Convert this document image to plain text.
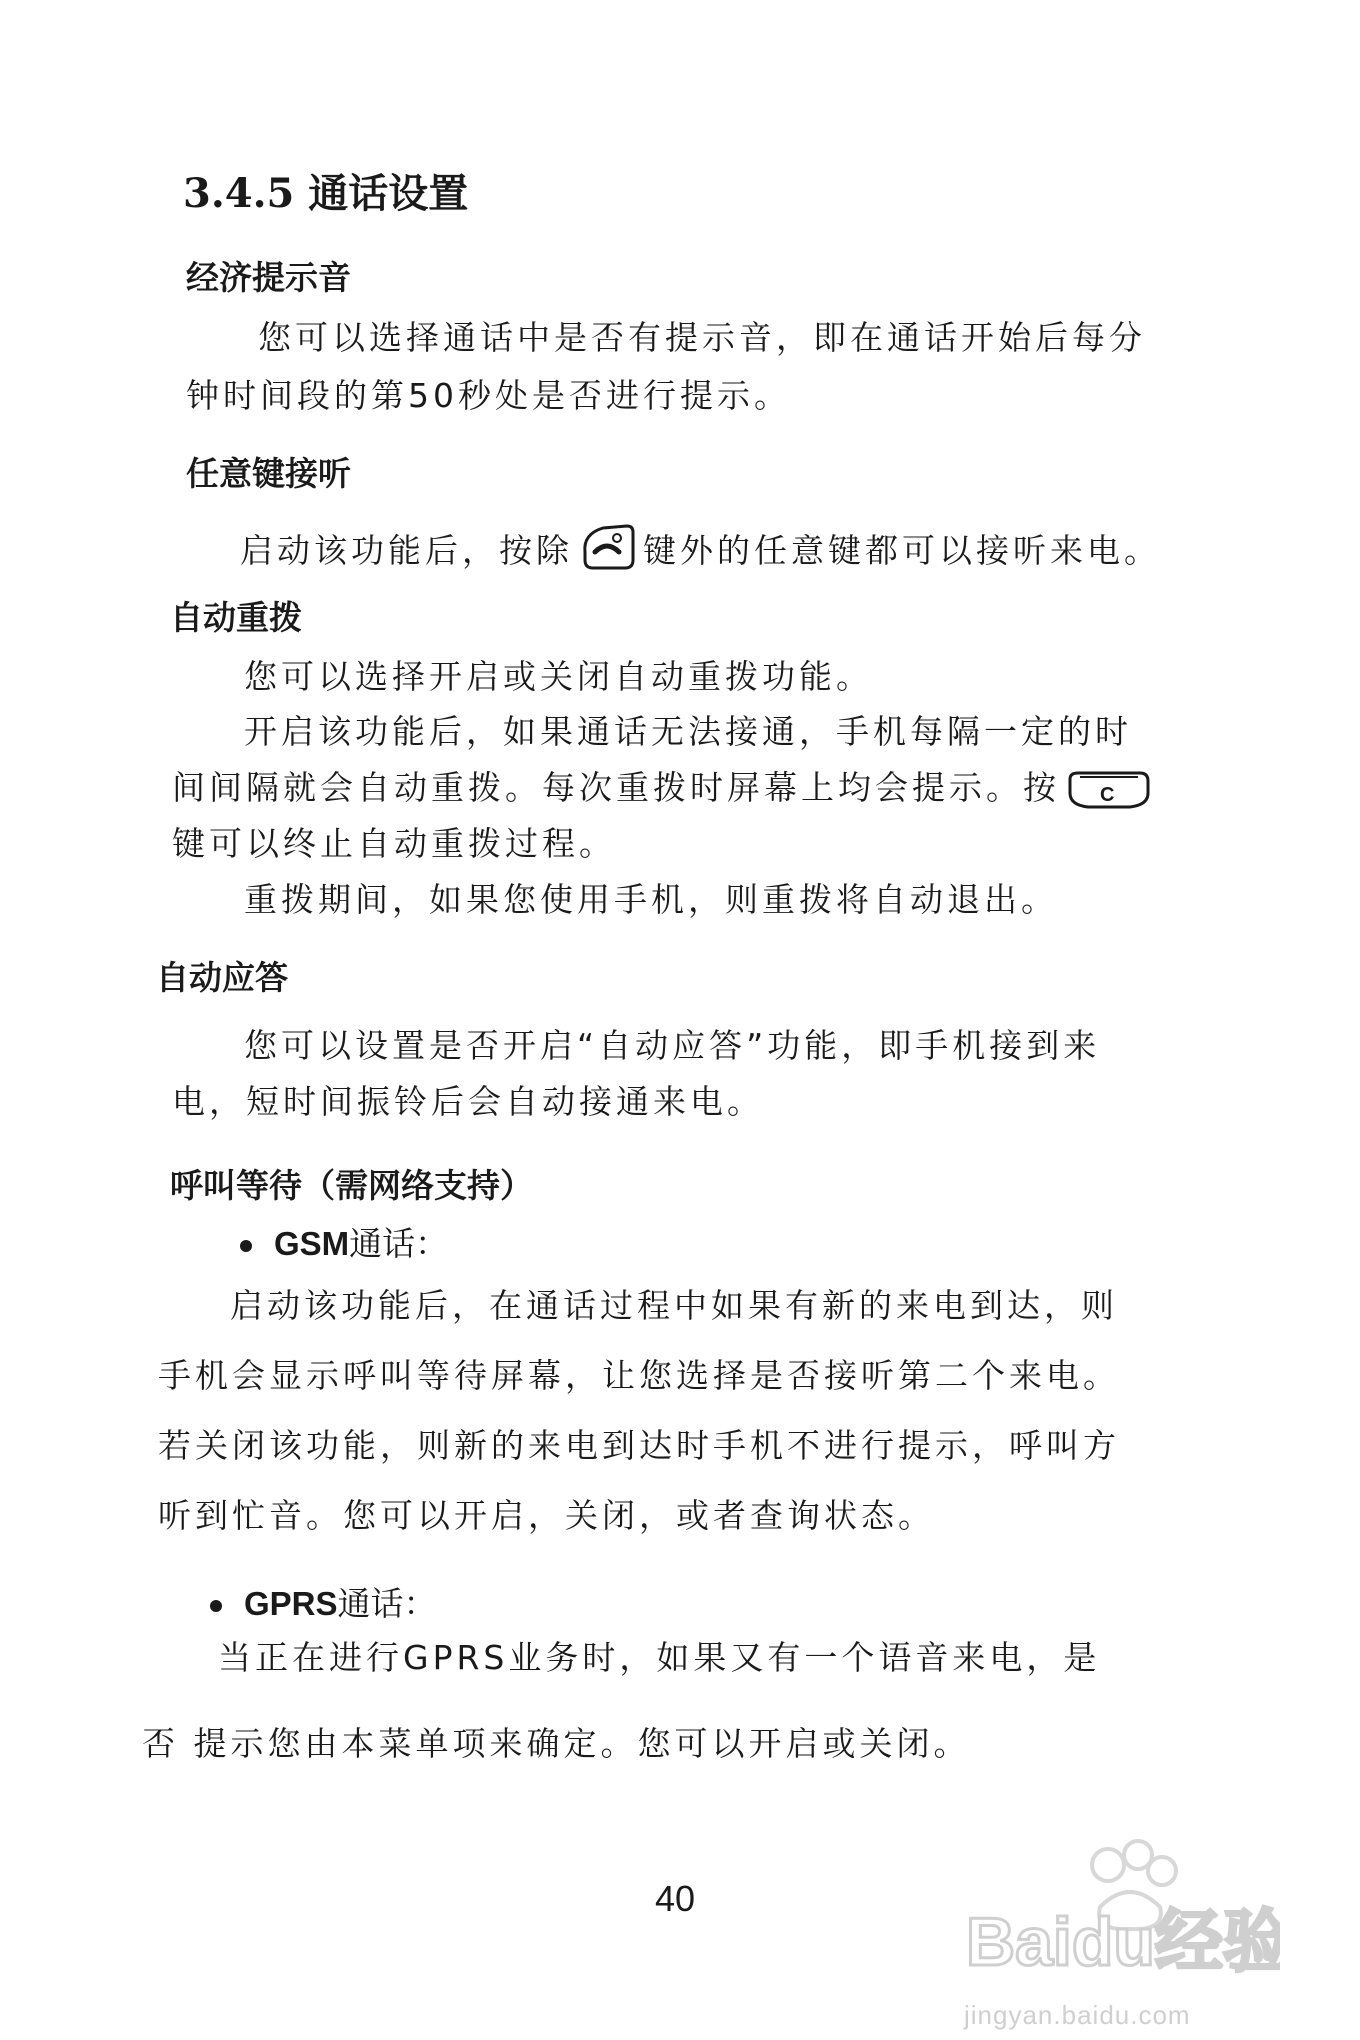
3.4.5 通话设置
经济提示音
您可以选择通话中是否有提示音，即在通话开始后每分
钟时间段的第50秒处是否进行提示。
任意键接听
启动该功能后，按除 键外的任意键都可以接听来电。
自动重拨
您可以选择开启或关闭自动重拨功能。
开启该功能后，如果通话无法接通，手机每隔一定的时
间间隔就会自动重拨。每次重拨时屏幕上均会提示。按 C
键可以终止自动重拨过程。
重拨期间，如果您使用手机，则重拨将自动退出。
自动应答
您可以设置是否开启“自动应答”功能，即手机接到来
电，短时间振铃后会自动接通来电。
呼叫等待（需网络支持）
GSM通话：
启动该功能后，在通话过程中如果有新的来电到达，则
手机会显示呼叫等待屏幕，让您选择是否接听第二个来电。
若关闭该功能，则新的来电到达时手机不进行提示，呼叫方
听到忙音。您可以开启，关闭，或者查询状态。
GPRS通话：
当正在进行GPRS业务时，如果又有一个语音来电，是
否 提示您由本菜单项来确定。您可以开启或关闭。
40
Baidu经验
jingyan.baidu.com
